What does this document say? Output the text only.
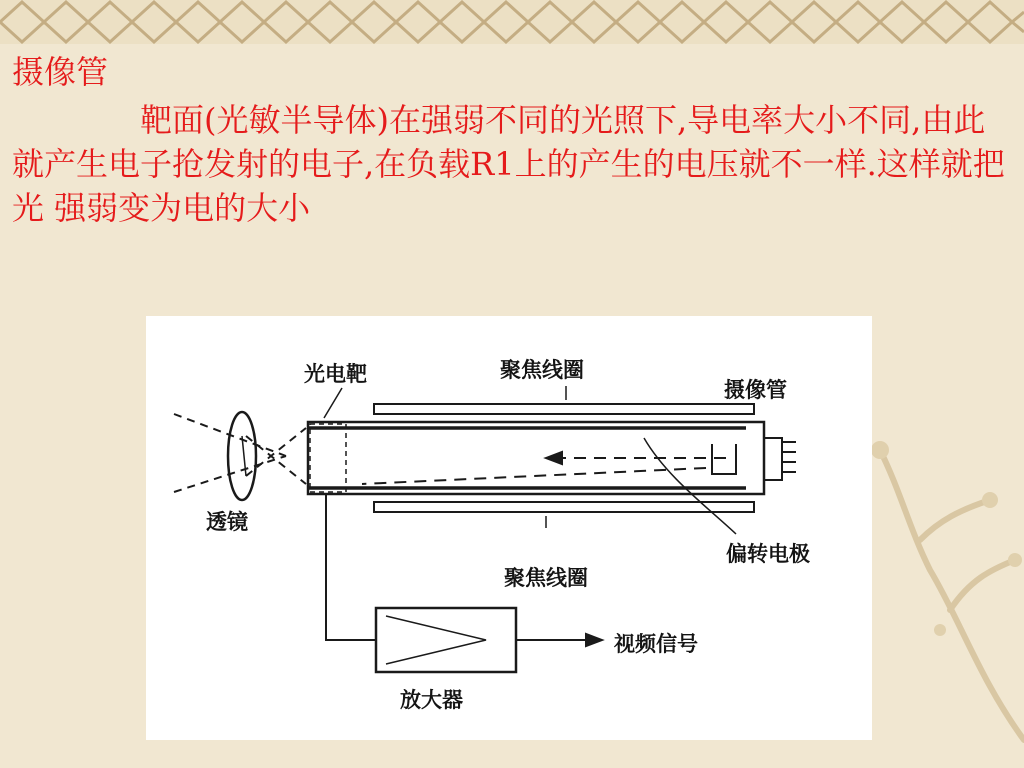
摄像管

靶面(光敏半导体)在强弱不同的光照下,导电率大小不同,由此就产生电子抢发射的电子,在负载R1上的产生的电压就不一样.这样就把光 强弱变为电的大小

光电靶	聚焦线圈
摄像管
透镜
偏转电极
聚焦线圈
视频信号
放大器
